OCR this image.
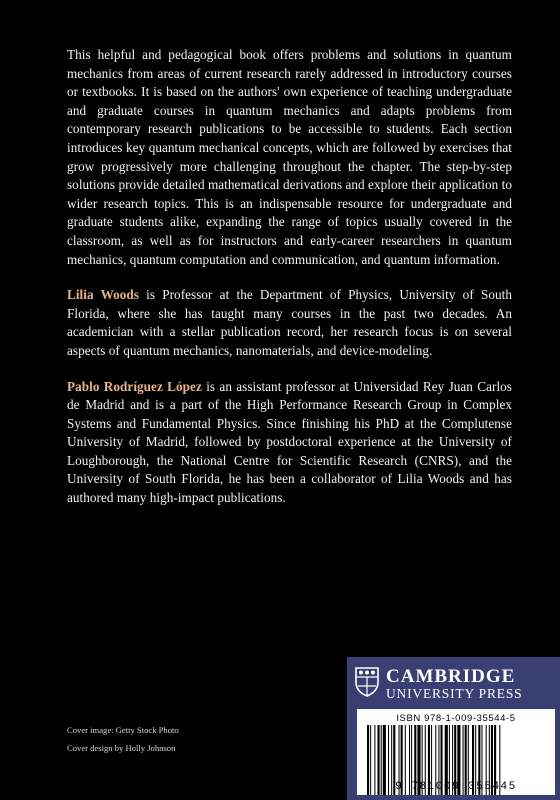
This helpful and pedagogical book offers problems and solutions in quantum mechanics from areas of current research rarely addressed in introductory courses or textbooks. It is based on the authors' own experience of teaching undergraduate and graduate courses in quantum mechanics and adapts problems from contemporary research publications to be accessible to students. Each section introduces key quantum mechanical concepts, which are followed by exercises that grow progressively more challenging throughout the chapter. The step-by-step solutions provide detailed mathematical derivations and explore their application to wider research topics. This is an indispensable resource for undergraduate and graduate students alike, expanding the range of topics usually covered in the classroom, as well as for instructors and early-career researchers in quantum mechanics, quantum computation and communication, and quantum information.

Lilia Woods is Professor at the Department of Physics, University of South Florida, where she has taught many courses in the past two decades. An academician with a stellar publication record, her research focus is on several aspects of quantum mechanics, nanomaterials, and device-modeling.

Pablo Rodríguez López is an assistant professor at Universidad Rey Juan Carlos de Madrid and is a part of the High Performance Research Group in Complex Systems and Fundamental Physics. Since finishing his PhD at the Complutense University of Madrid, followed by postdoctoral experience at the University of Loughborough, the National Centre for Scientific Research (CNRS), and the University of South Florida, he has been a collaborator of Lilia Woods and has authored many high-impact publications.

Cover image: Getty Stock Photo
Cover design by Holly Johnson
CAMBRIDGE
UNIVERSITY PRESS
ISBN 978-1-009-35544-5
9 781009 355445
